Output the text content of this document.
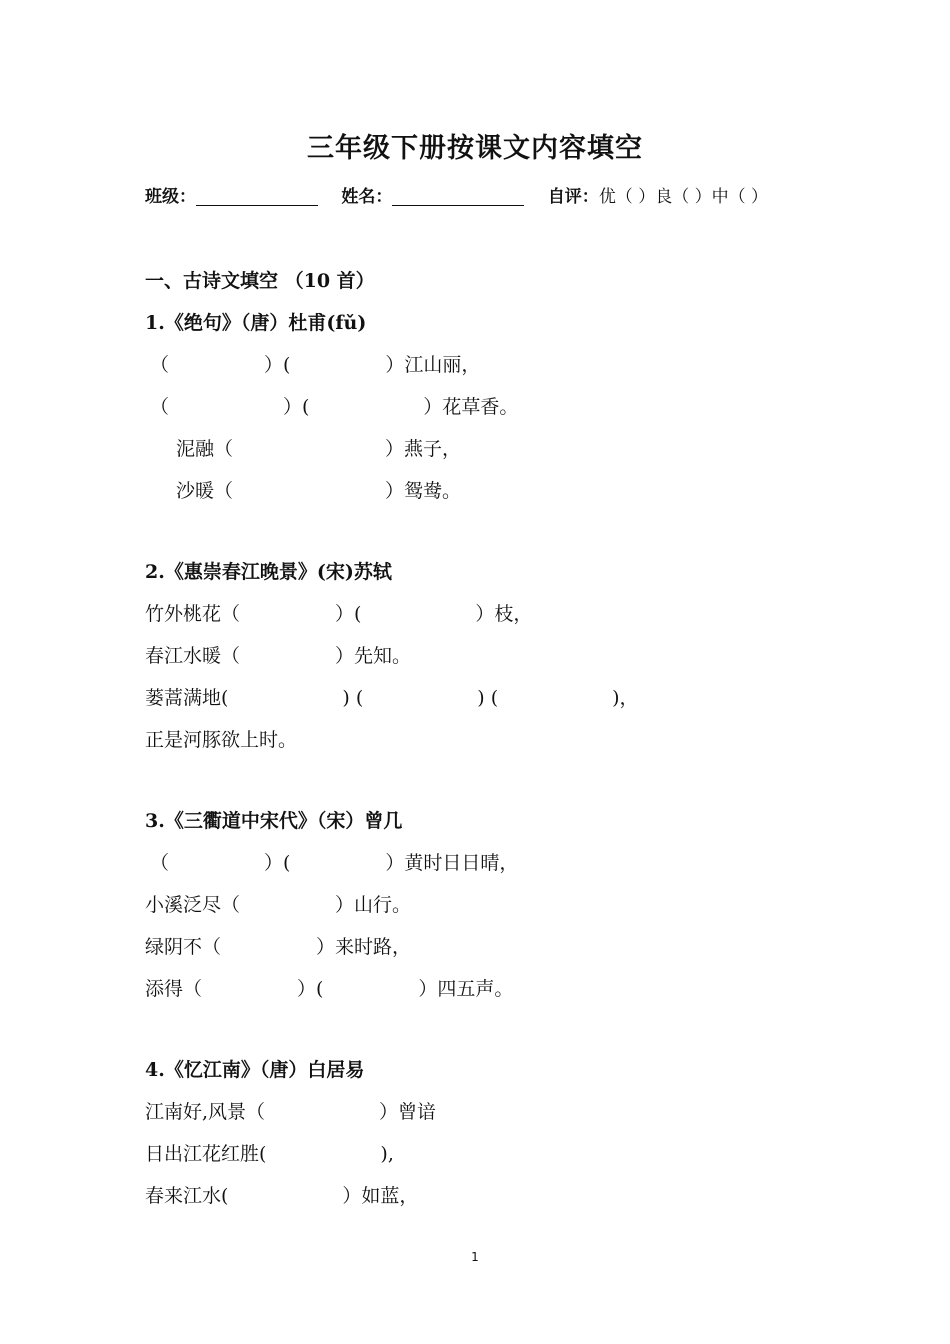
三年级下册按课文内容填空
班级：	姓名：	自评：优（ ）良（ ）中（ ）
一、古诗文填空 （10 首）
1.《绝句》（唐）杜甫(fǔ)
（　　　　　）(　　　　　）江山丽，
（　　　　　　）(　　　　　　）花草香。
泥融（　　　　　　　　）燕子，
沙暖（　　　　　　　　）鸳鸯。
2.《惠崇春江晚景》(宋)苏轼
竹外桃花（　　　　　）(　　　　　　）枝，
春江水暖（　　　　　）先知。
蒌蒿满地(　　　　　　) (　　　　　　) (　　　　　　)，
正是河豚欲上时。
3.《三衢道中宋代》（宋）曾几
（　　　　　）(　　　　　）黄时日日晴，
小溪泛尽（　　　　　）山行。
绿阴不（　　　　　）来时路，
添得（　　　　　）(　　　　　）四五声。
4.《忆江南》（唐）白居易
江南好,风景（　　　　　　）曾谙
日出江花红胜(　　　　　　),
春来江水(　　　　　　）如蓝，
1
